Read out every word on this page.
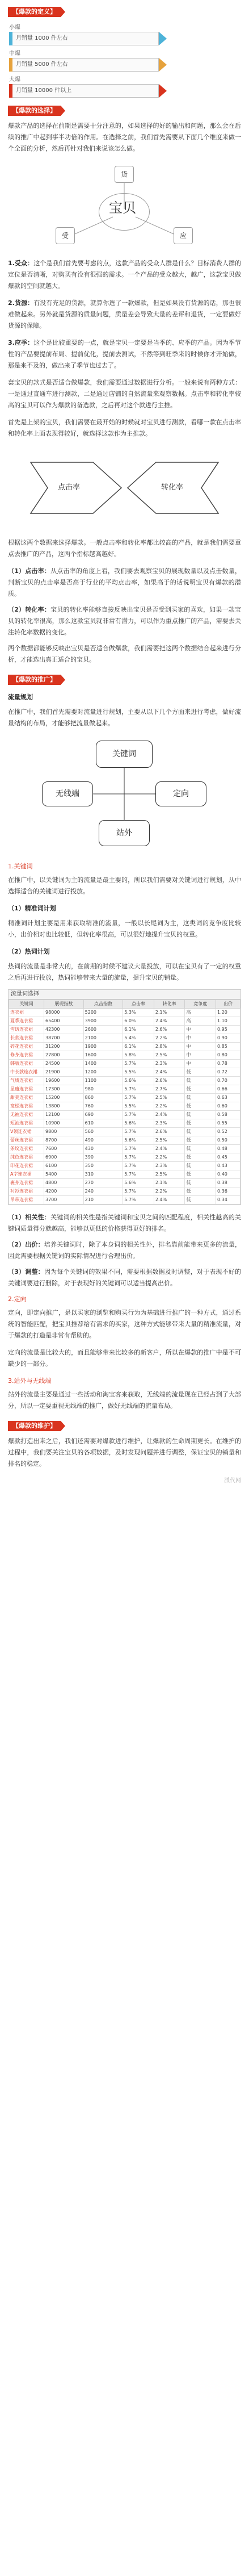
【爆款的定义】
小爆
月销量 1000 件左右
中爆
月销量 5000 件左右
大爆
月销量 10000 件以上
【爆款的选择】

爆款产品的选择在前期是需要十分注意的，如果选择的好的输出和问题，那么会在后续的推广中起到事半功倍的作用。在选择之前，我们首先需要从下面几个维度来做一个全面的分析，然后再针对我们来说该怎么做。

宝贝
货
受	应

1.受众：这个是我们首先要考虑的点，这款产品的受众人群是什么？目标消费人群的定位是否清晰，对购买有没有很强的需求。一个产品的受众越大，越广，这款宝贝做爆款的空间就越大。

2.货源：有没有充足的货源，就算你选了一款爆款，但是如果没有货源的话，那也很难做起来。另外就是货源的质量问题，质量差会导致大量的差评和退货，一定要做好货源的保障。

3.应季：这个是比较重要的一点，就是宝贝一定要是当季的、应季的产品。因为季节性的产品要提前布局、提前优化，提前去测试，不然等到旺季来的时候你才开始做，那是来不及的，做出来了季节也过去了。

套宝贝的款式是否适合做爆款，我们需要通过数据进行分析。一般来说有两种方式：一是通过直通车进行测款，二是通过店铺的自然流量来观察数据。点击率和转化率较高的宝贝可以作为爆款的备选款，之后再对这个款进行主推。

首先是上架的宝贝，我们需要在最开始的时候就对宝贝进行测款，看哪一款在点击率和转化率上面表现得较好，就选择这款作为主推款。

点击率	转化率

根据这两个数据来选择爆款。一般点击率和转化率都比较高的产品，就是我们需要重点去推广的产品，这两个指标越高越好。

（1）点击率：从点击率的角度上看，我们要去观察宝贝的展现数量以及点击数量，判断宝贝的点击率是否高于行业的平均点击率，如果高于的话说明宝贝有爆款的潜质。

（2）转化率：宝贝的转化率能够直接反映出宝贝是否受到买家的喜欢，如果一款宝贝的转化率很高，那么这款宝贝就非常有潜力，可以作为重点推广的产品，需要去关注转化率数据的变化。

两个数据都能够反映出宝贝是否适合做爆款，我们需要把这两个数据结合起来进行分析，才能选出真正适合的宝贝。

【爆款的推广】
流量规划

在推广中，我们首先需要对流量进行规划，主要从以下几个方面来进行考虑，做好流量结构的布局，才能够把流量做起来。

关键词
无线端	定向
站外
1.关键词

在推广中，以关键词为主的流量是最主要的，所以我们需要对关键词进行规划，从中选择适合的关键词进行投放。

（1）精准词计划

精准词计划主要是用来获取精准的流量，一般以长尾词为主，这类词的竞争度比较小，出价相对也比较低，但转化率很高，可以很好地提升宝贝的权重。

（2）热词计划

热词的流量是非常大的，在前期的时候不建议大量投放，可以在宝贝有了一定的权重之后再进行投放，热词能够带来大量的流量，提升宝贝的销量。

流量词选择
关键词	展现指数	点击指数	点击率	转化率	竞争度	出价
连衣裙	98000	5200	5.3%	2.1%	高	1.20
夏季连衣裙	65400	3900	6.0%	2.4%	高	1.10
雪纺连衣裙	42300	2600	6.1%	2.6%	中	0.95
长款连衣裙	38700	2100	5.4%	2.2%	中	0.90
碎花连衣裙	31200	1900	6.1%	2.8%	中	0.85
修身连衣裙	27800	1600	5.8%	2.5%	中	0.80
韩版连衣裙	24500	1400	5.7%	2.3%	中	0.78
中长款连衣裙	21900	1200	5.5%	2.4%	低	0.72
气质连衣裙	19600	1100	5.6%	2.6%	低	0.70
显瘦连衣裙	17300	980	5.7%	2.7%	低	0.66
甜美连衣裙	15200	860	5.7%	2.5%	低	0.63
宽松连衣裙	13800	760	5.5%	2.2%	低	0.60
无袖连衣裙	12100	690	5.7%	2.4%	低	0.58
短袖连衣裙	10900	610	5.6%	2.3%	低	0.55
V领连衣裙	9800	560	5.7%	2.6%	低	0.52
蕾丝连衣裙	8700	490	5.6%	2.5%	低	0.50
条纹连衣裙	7600	430	5.7%	2.4%	低	0.48
纯色连衣裙	6900	390	5.7%	2.2%	低	0.45
印花连衣裙	6100	350	5.7%	2.3%	低	0.43
A字连衣裙	5400	310	5.7%	2.5%	低	0.40
裹身连衣裙	4800	270	5.6%	2.1%	低	0.38
衬衫连衣裙	4200	240	5.7%	2.2%	低	0.36
吊带连衣裙	3700	210	5.7%	2.4%	低	0.34

（1）相关性：关键词的相关性是指关键词和宝贝之间的匹配程度，相关性越高的关键词质量得分就越高，能够以更低的价格获得更好的排名。

（2）出价：培养关键词时，除了本身词的相关性外，排名靠前能带来更多的流量，因此需要根据关键词的实际情况进行合理出价。

（3）调整：因为每个关键词的效果不同，需要根据数据及时调整，对于表现不好的关键词要进行删除，对于表现好的关键词可以适当提高出价。

2.定向

定向，即定向推广，是以买家的浏览和购买行为为基础进行推广的一种方式，通过系统的智能匹配，把宝贝推荐给有需求的买家，这种方式能够带来大量的精准流量，对于爆款的打造是非常有帮助的。

定向的流量是比较大的，而且能够带来比较多的新客户，所以在爆款的推广中是不可缺少的一部分。

3.站外与无线端

站外的流量主要是通过一些活动和淘宝客来获取，无线端的流量现在已经占到了大部分，所以一定要重视无线端的推广，做好无线端的流量布局。

【爆款的维护】

爆款打造出来之后，我们还需要对爆款进行维护，让爆款的生命周期更长。在维护的过程中，我们要关注宝贝的各项数据，及时发现问题并进行调整，保证宝贝的销量和排名的稳定。

派代网
